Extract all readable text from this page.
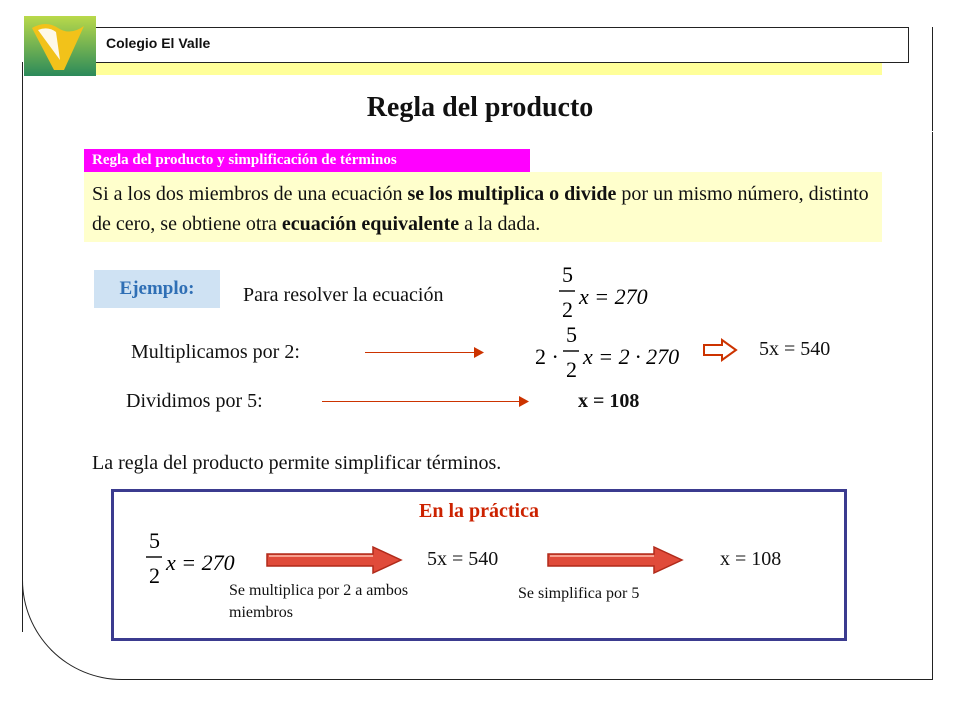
Colegio El Valle
Regla del producto
Regla del producto y simplificación de términos
Si a los dos miembros de una ecuación se los multiplica o divide por un mismo número, distinto de cero, se obtiene otra ecuación equivalente a la dada.
Ejemplo:	Para resolver la ecuación
5
2
x = 270
Multiplicamos por 2:	2 ·
5
2
x = 2 · 270	5x = 540
Dividimos por 5:	x = 108
La regla del producto permite simplificar términos.
En la práctica
5
2
x = 270	5x = 540	x = 108
Se multiplica por 2 a ambos miembros
Se simplifica por 5
